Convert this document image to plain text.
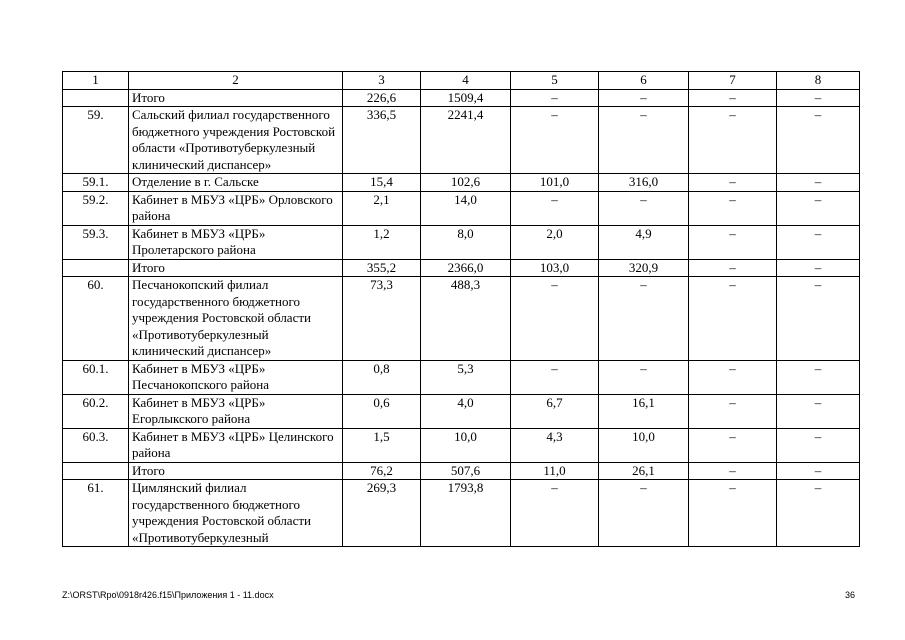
1	2	3	4	5	6	7	8
	Итого	226,6	1509,4	–	–	–	–
59.	Сальский филиал государственного бюджетного учреждения Ростовской области «Противотуберкулезный клинический диспансер»	336,5	2241,4	–	–	–	–
59.1.	Отделение в г. Сальске	15,4	102,6	101,0	316,0	–	–
59.2.	Кабинет в МБУЗ «ЦРБ» Орловского района	2,1	14,0	–	–	–	–
59.3.	Кабинет в МБУЗ «ЦРБ» Пролетарского района	1,2	8,0	2,0	4,9	–	–
	Итого	355,2	2366,0	103,0	320,9	–	–
60.	Песчанокопский филиал государственного бюджетного учреждения Ростовской области «Противотуберкулезный клинический диспансер»	73,3	488,3	–	–	–	–
60.1.	Кабинет в МБУЗ «ЦРБ» Песчанокопского района	0,8	5,3	–	–	–	–
60.2.	Кабинет в МБУЗ «ЦРБ» Егорлыкского района	0,6	4,0	6,7	16,1	–	–
60.3.	Кабинет в МБУЗ «ЦРБ» Целинского района	1,5	10,0	4,3	10,0	–	–
	Итого	76,2	507,6	11,0	26,1	–	–
61.	Цимлянский филиал государственного бюджетного учреждения Ростовской области «Противотуберкулезный	269,3	1793,8	–	–	–	–
Z:\ORST\Rpo\0918r426.f15\Приложения 1 - 11.docx	36
